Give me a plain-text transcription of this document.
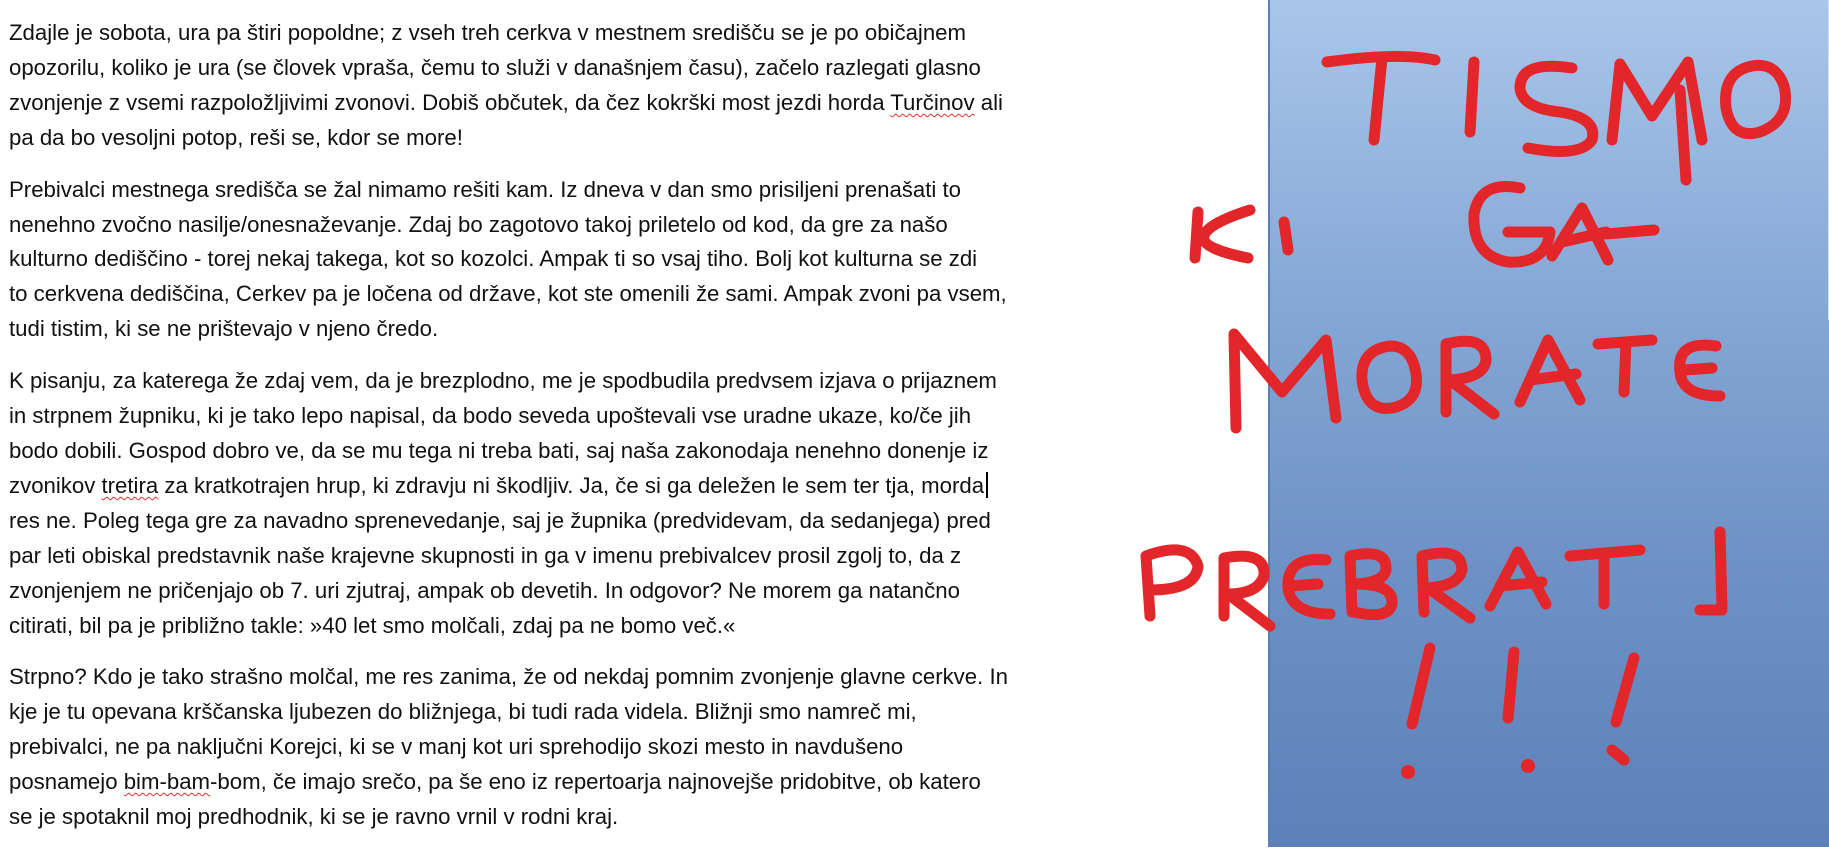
Zdajle je sobota, ura pa štiri popoldne; z vseh treh cerkva v mestnem središču se je po običajnem
opozorilu, koliko je ura (se človek vpraša, čemu to služi v današnjem času), začelo razlegati glasno
zvonjenje z vsemi razpoložljivimi zvonovi. Dobiš občutek, da čez kokrški most jezdi horda Turčinov ali
pa da bo vesoljni potop, reši se, kdor se more!

Prebivalci mestnega središča se žal nimamo rešiti kam. Iz dneva v dan smo prisiljeni prenašati to
nenehno zvočno nasilje/onesnaževanje. Zdaj bo zagotovo takoj priletelo od kod, da gre za našo
kulturno dediščino - torej nekaj takega, kot so kozolci. Ampak ti so vsaj tiho. Bolj kot kulturna se zdi
to cerkvena dediščina, Cerkev pa je ločena od države, kot ste omenili že sami. Ampak zvoni pa vsem,
tudi tistim, ki se ne prištevajo v njeno čredo.

K pisanju, za katerega že zdaj vem, da je brezplodno, me je spodbudila predvsem izjava o prijaznem
in strpnem župniku, ki je tako lepo napisal, da bodo seveda upoštevali vse uradne ukaze, ko/če jih
bodo dobili. Gospod dobro ve, da se mu tega ni treba bati, saj naša zakonodaja nenehno donenje iz
zvonikov tretira za kratkotrajen hrup, ki zdravju ni škodljiv. Ja, če si ga deležen le sem ter tja, morda
res ne. Poleg tega gre za navadno sprenevedanje, saj je župnika (predvidevam, da sedanjega) pred
par leti obiskal predstavnik naše krajevne skupnosti in ga v imenu prebivalcev prosil zgolj to, da z
zvonjenjem ne pričenjajo ob 7. uri zjutraj, ampak ob devetih. In odgovor? Ne morem ga natančno
citirati, bil pa je približno takle: »40 let smo molčali, zdaj pa ne bomo več.«

Strpno? Kdo je tako strašno molčal, me res zanima, že od nekdaj pomnim zvonjenje glavne cerkve. In
kje je tu opevana krščanska ljubezen do bližnjega, bi tudi rada videla. Bližnji smo namreč mi,
prebivalci, ne pa naključni Korejci, ki se v manj kot uri sprehodijo skozi mesto in navdušeno
posnamejo bim-bam-bom, če imajo srečo, pa še eno iz repertoarja najnovejše pridobitve, ob katero
se je spotaknil moj predhodnik, ki se je ravno vrnil v rodni kraj.
